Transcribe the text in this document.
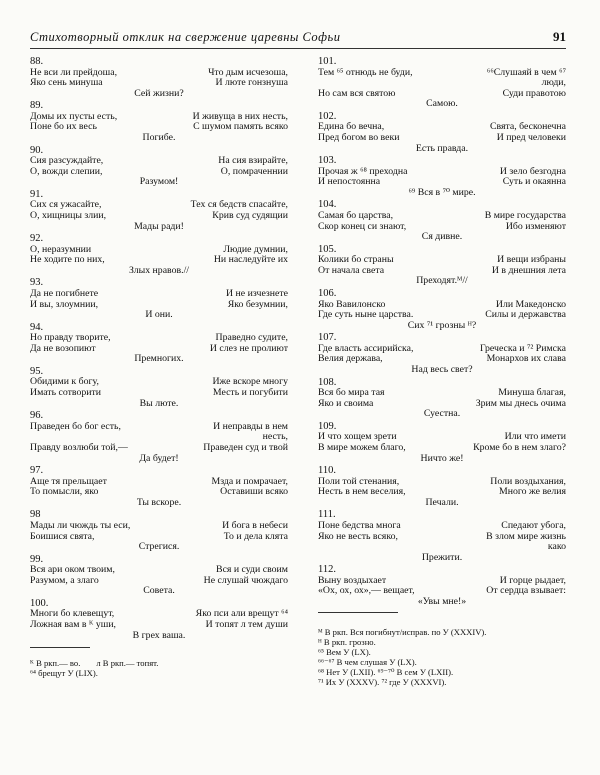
Стихотворный отклик на свержение царевны Софьи	91
88.
Не вси ли прейдоша,	Что дым исчезоша,
Яко сень минуша	И люте гонзнуша
Сей жизни?
89.
Домы их пусты есть,	И живуща в них несть,
Поне бо их весь	С шумом память всяко
Погибе.
90.
Сия разсуждайте,	На сия взирайте,
О, вожди слепии,	О, помраченнии
Разумом!
91.
Сих ся ужасайте,	Тех ся бедств спасайте,
О, хищницы злии,	Крив суд судящии
Мады ради!
92.
О, неразумнии	Людие думнии,
Не ходите по них,	Ни наследуйте их
Злых нравов.//
93.
Да не погибнете	И не изчезнете
И вы, злоумнии,	Яко безумнии,
И они.
94.
Но правду творите,	Праведно судите,
Да не возопиют	И слез не пролиют
Премногих.
95.
Обидими к богу,	Иже вскоре многу
Имать сотворити	Месть и погубити
Вы люте.
96.
Праведен бо бог есть,	И неправды в нем
несть,
Правду возлюби той,—	Праведен суд и твой
Да будет!
97.
Аще тя прельщает	Мзда и помрачает,
То помысли, яко	Оставиши всяко
Ты вскоре.
98
Мады ли чюждь ты еси,	И бога в небеси
Боишися свята,	То и дела клята
Стрегися.
99.
Вся ари оком твоим,	Вся и суди своим
Разумом, а злаго	Не слушай чюждаго
Совета.
100.
Многи бо клевещут,	Яко пси али врещут ⁶⁴
Ложная вам в ᴷ уши,	И топят ᴫ тем души
В грех ваша.
ᴷ В ркп.— во. ᴫ В ркп.— топят.
⁶⁴ брещут У (LIX).
101.
Тем ⁶⁵ отнюдь не буди,	⁶⁶Слушаяй в чем ⁶⁷
люди,
Но сам вся святою	Суди правотою
Самою.
102.
Едина бо вечна,	Свята, бесконечна
Пред богом во веки	И пред человеки
Есть правда.
103.
Прочая ж ⁶⁸ преходна	И зело безгодна
И непостоянна	Суть и окаянна
⁶⁹ Вся в ⁷⁰ мире.
104.
Самая бо царства,	В мире государства
Скор конец си знают,	Ибо изменяют
Ся дивне.
105.
Колики бо страны	И вещи избраны
От начала света	И в днешния лета
Преходят.ᴹ//
106.
Яко Вавилонско	Или Македонско
Где суть ныне царства.	Силы и державства
Сих ⁷¹ грозны ᴴ?
107.
Где власть ассирийска,	Греческа и ⁷² Римска
Велия держава,	Монархов их слава
Над весь свет?
108.
Вся бо мира тая	Минуша благая,
Яко и своима	Зрим мы днесь очима
Суестна.
109.
И что хощем зрети	Или что имети
В мире можем благо,	Кроме бо в нем злаго?
Ничто же!
110.
Поли той стенания,	Поли воздыхания,
Несть в нем веселия,	Много же велия
Печали.
111.
Поне бедства многа	Спедают убога,
Яко не весть всяко,	В злом мире жизнь
како
Прежити.
112.
Выну воздыхает	И горце рыдает,
«Ох, ох, ох»,— вещает,	От сердца взывает:
«Увы мне!»
ᴹ В ркп. Вся погибнут/исправ. по У (XXXIV).
ᴴ В ркп. грозно.
⁶⁵ Вем У (LX).
⁶⁶⁻⁶⁷ В чем слушая У (LX).
⁶⁸ Нет У (LXII). ⁶⁹⁻⁷⁰ В сем У (LXII).
⁷¹ Их У (XXXV). ⁷² где У (XXXVI).
